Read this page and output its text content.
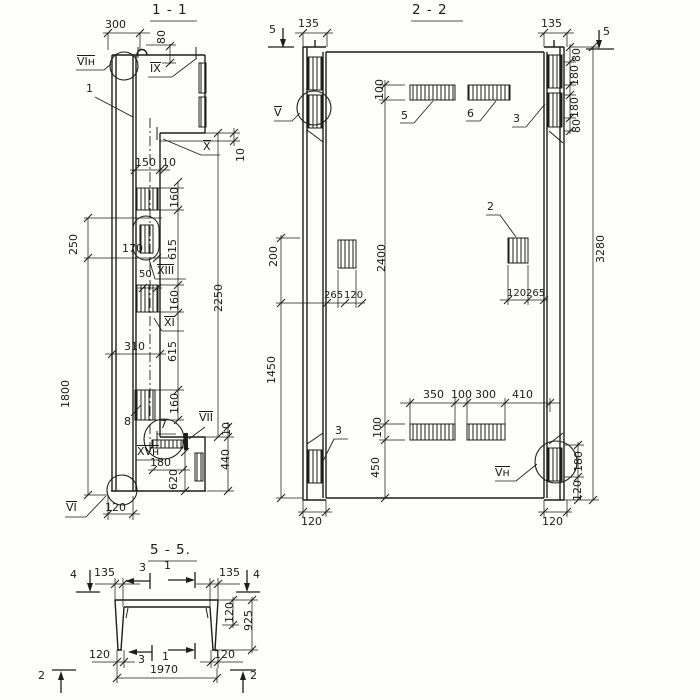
1 - 1
300
80
VIн
IX
1
X
10
150 10
160
615
160
615
160
2250
250	170
50 XIII
XI
310
1800
8	7
VII
10
XVн
180
620
440
VI	120
2 - 2
5 135	135
5
80
180
180
80
3280
V
100
5	6	3
2
200	2400
265 120	120 265
1450
350 100 300 410
100
450
3
Vн
180
120
120	120
5 - 5.
4 135 3 1
135 4
120 925
120	3 1	120
1970
2	2
